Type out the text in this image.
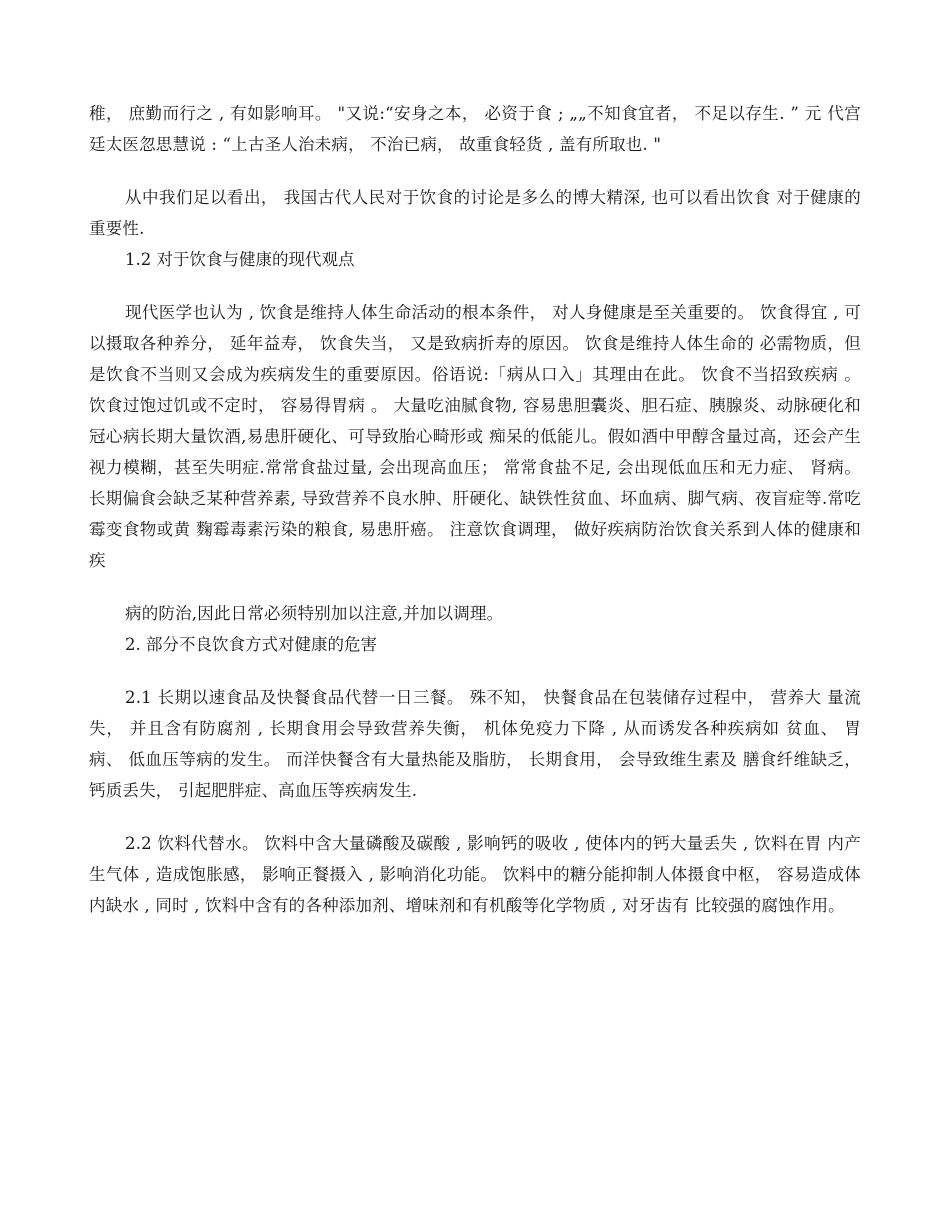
稚， 庶勤而行之 , 有如影响耳。 "又说:“安身之本， 必资于食 ; „„不知食宜者， 不足以存生. ” 元 代宫廷太医忽思慧说 : “上古圣人治未病， 不治已病， 故重食轻货 , 盖有所取也. "

从中我们足以看出， 我国古代人民对于饮食的讨论是多么的博大精深, 也可以看出饮食 对于健康的重要性.

1.2 对于饮食与健康的现代观点

现代医学也认为 , 饮食是维持人体生命活动的根本条件， 对人身健康是至关重要的。 饮食得宜 , 可以摄取各种养分， 延年益寿， 饮食失当， 又是致病折寿的原因。 饮食是维持人体生命的 必需物质，但是饮食不当则又会成为疾病发生的重要原因。俗语说:「病从口入」其理由在此。 饮食不当招致疾病 。 饮食过饱过饥或不定时， 容易得胃病 。 大量吃油腻食物, 容易患胆囊炎、胆石症、胰腺炎、动脉硬化和冠心病长期大量饮酒,易患肝硬化、可导致胎心畸形或 痴呆的低能儿。假如酒中甲醇含量过高，还会产生视力模糊，甚至失明症.常常食盐过量, 会出现高血压； 常常食盐不足, 会出现低血压和无力症、 肾病。 长期偏食会缺乏某种营养素, 导致营养不良水肿、肝硬化、缺铁性贫血、坏血病、脚气病、夜盲症等.常吃霉变食物或黄 麴霉毒素污染的粮食, 易患肝癌。 注意饮食调理， 做好疾病防治饮食关系到人体的健康和疾

病的防治,因此日常必须特别加以注意,并加以调理。

2. 部分不良饮食方式对健康的危害

2.1 长期以速食品及快餐食品代替一日三餐。 殊不知， 快餐食品在包装储存过程中， 营养大 量流失， 并且含有防腐剂 , 长期食用会导致营养失衡， 机体免疫力下降 , 从而诱发各种疾病如 贫血、 胃病、 低血压等病的发生。 而洋快餐含有大量热能及脂肪， 长期食用， 会导致维生素及 膳食纤维缺乏， 钙质丢失， 引起肥胖症、高血压等疾病发生.

2.2 饮料代替水。 饮料中含大量磷酸及碳酸 , 影响钙的吸收 , 使体内的钙大量丢失 , 饮料在胃 内产生气体 , 造成饱胀感， 影响正餐摄入 , 影响消化功能。 饮料中的糖分能抑制人体摄食中枢， 容易造成体内缺水 , 同时 , 饮料中含有的各种添加剂、增味剂和有机酸等化学物质 , 对牙齿有 比较强的腐蚀作用。
